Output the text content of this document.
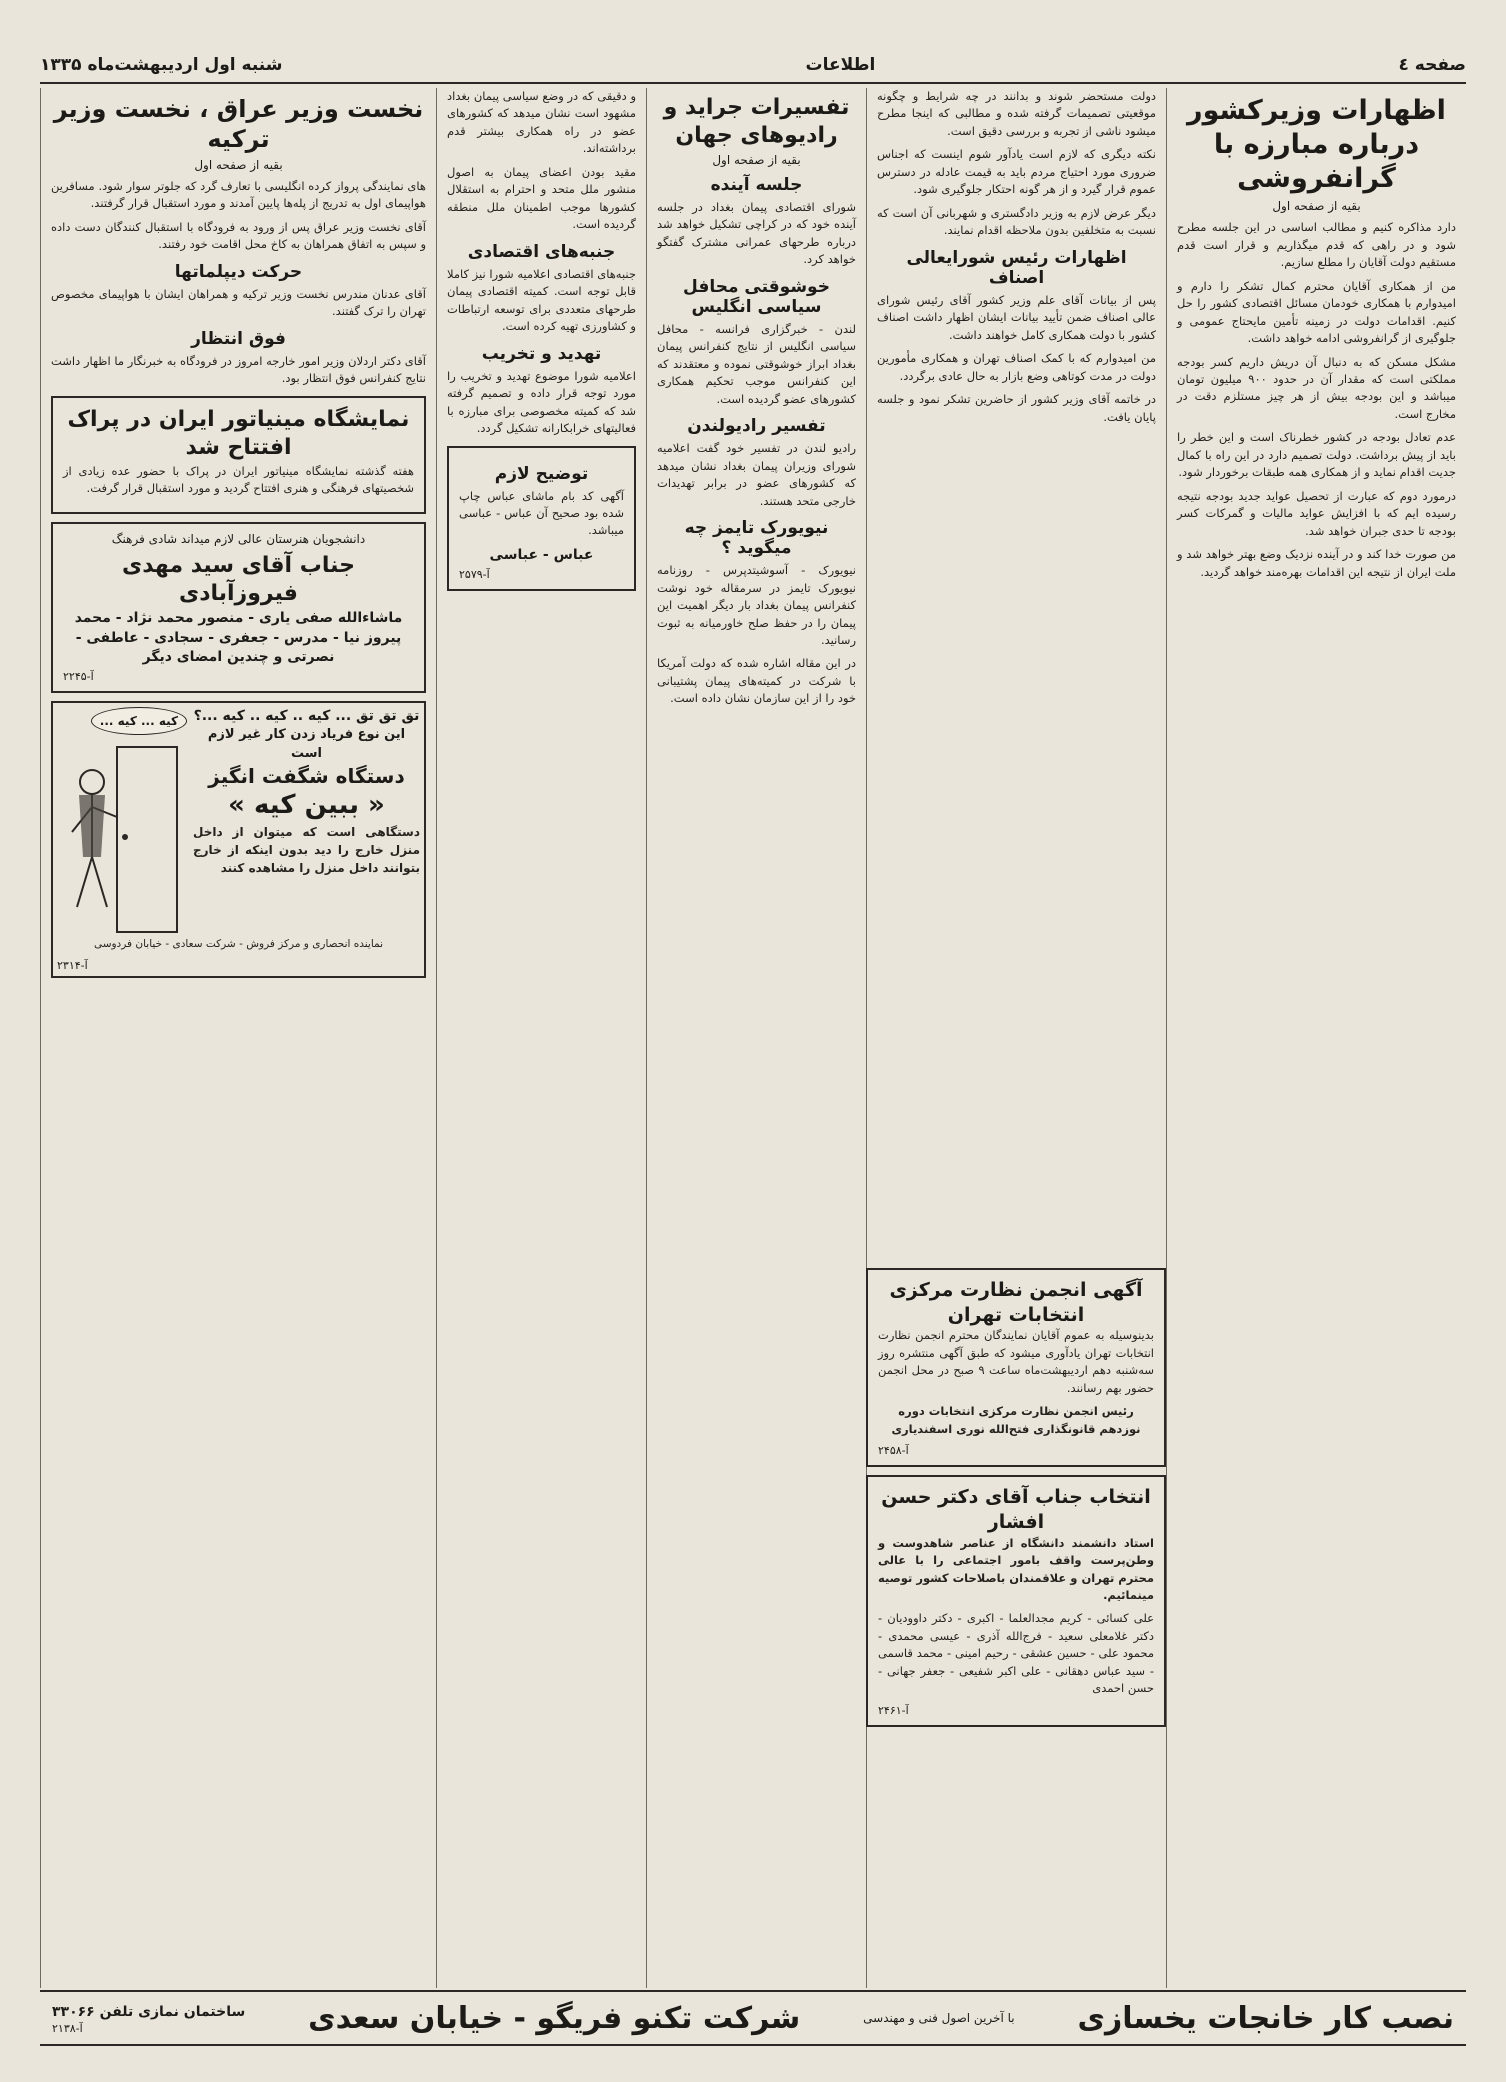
صفحه ٤
اطلاعات
شنبه اول اردیبهشت‌ماه ۱۳۳۵
اظهارات وزیرکشور درباره مبارزه با گرانفروشی
بقیه از صفحه اول

دارد مذاکره کنیم و مطالب اساسی در این جلسه مطرح شود و در راهی که قدم میگذاریم و قرار است قدم مستقیم دولت آقایان را مطلع سازیم.

من از همکاری آقایان محترم کمال تشکر را دارم و امیدوارم با همکاری خودمان مسائل اقتصادی کشور را حل کنیم. اقدامات دولت در زمینه تأمین مایحتاج عمومی و جلوگیری از گرانفروشی ادامه خواهد داشت.

مشکل مسکن که به دنبال آن دریش داریم کسر بودجه مملکتی است که مقدار آن در حدود ۹۰۰ میلیون تومان میباشد و این بودجه بیش از هر چیز مستلزم دقت در مخارج است.

عدم تعادل بودجه در کشور خطرناک است و این خطر را باید از پیش برداشت. دولت تصمیم دارد در این راه با کمال جدیت اقدام نماید و از همکاری همه طبقات برخوردار شود.

درمورد دوم که عبارت از تحصیل عواید جدید بودجه نتیجه رسیده ایم که با افزایش عواید مالیات و گمرکات کسر بودجه تا حدی جبران خواهد شد.

من صورت خدا کند و در آینده نزدیک وضع بهتر خواهد شد و ملت ایران از نتیجه این اقدامات بهره‌مند خواهد گردید.

دولت مستحضر شوند و بدانند در چه شرایط و چگونه موقعیتی تصمیمات گرفته شده و مطالبی که اینجا مطرح میشود ناشی از تجربه و بررسی دقیق است.

نکته دیگری که لازم است یادآور شوم اینست که اجناس ضروری مورد احتیاج مردم باید به قیمت عادله در دسترس عموم قرار گیرد و از هر گونه احتکار جلوگیری شود.

دیگر عرض لازم به وزیر دادگستری و شهربانی آن است که نسبت به متخلفین بدون ملاحظه اقدام نمایند.

اظهارات رئیس شورایعالی اصناف

پس از بیانات آقای علم وزیر کشور آقای رئیس شورای عالی اصناف ضمن تأیید بیانات ایشان اظهار داشت اصناف کشور با دولت همکاری کامل خواهند داشت.

من امیدوارم که با کمک اصناف تهران و همکاری مأمورین دولت در مدت کوتاهی وضع بازار به حال عادی برگردد.

در خاتمه آقای وزیر کشور از حاضرین تشکر نمود و جلسه پایان یافت.

آگهی انجمن نظارت مرکزی انتخابات تهران

بدینوسیله به عموم آقایان نمایندگان محترم انجمن نظارت انتخابات تهران یادآوری میشود که طبق آگهی منتشره روز سه‌شنبه دهم اردیبهشت‌ماه ساعت ۹ صبح در محل انجمن حضور بهم رسانند.

رئیس انجمن نظارت مرکزی انتخابات دوره نوزدهم قانونگذاری فتح‌الله نوری اسفندیاری

آ-۲۴۵۸
انتخاب جناب آقای دکتر حسن افشار

استاد دانشمند دانشگاه از عناصر شاهدوست و وطن‌پرست واقف بامور اجتماعی را با عالی محترم تهران و علاقمندان باصلاحات کشور توصیه مینمائیم.

علی کسائی - کریم مجدالعلما - اکبری - دکتر داوودیان - دکتر غلامعلی سعید - فرج‌الله آذری - عیسی محمدی - محمود علی - حسین عشقی - رحیم امینی - محمد قاسمی - سید عباس دهقانی - علی اکبر شفیعی - جعفر جهانی - حسن احمدی

آ-۲۴۶۱
تفسیرات جراید و رادیوهای جهان
بقیه از صفحه اول
جلسه آینده

شورای اقتصادی پیمان بغداد در جلسه آینده خود که در کراچی تشکیل خواهد شد درباره طرحهای عمرانی مشترک گفتگو خواهد کرد.

خوشوقتی محافل سیاسی انگلیس

لندن - خبرگزاری فرانسه - محافل سیاسی انگلیس از نتایج کنفرانس پیمان بغداد ابراز خوشوقتی نموده و معتقدند که این کنفرانس موجب تحکیم همکاری کشورهای عضو گردیده است.

تفسیر رادیولندن

رادیو لندن در تفسیر خود گفت اعلامیه شورای وزیران پیمان بغداد نشان میدهد که کشورهای عضو در برابر تهدیدات خارجی متحد هستند.

نیویورک تایمز چه میگوید ؟

نیویورک - آسوشیتدپرس - روزنامه نیویورک تایمز در سرمقاله خود نوشت کنفرانس پیمان بغداد بار دیگر اهمیت این پیمان را در حفظ صلح خاورمیانه به ثبوت رسانید.

در این مقاله اشاره شده که دولت آمریکا با شرکت در کمیته‌های پیمان پشتیبانی خود را از این سازمان نشان داده است.

و دقیقی که در وضع سیاسی پیمان بغداد مشهود است نشان میدهد که کشورهای عضو در راه همکاری بیشتر قدم برداشته‌اند.

مقید بودن اعضای پیمان به اصول منشور ملل متحد و احترام به استقلال کشورها موجب اطمینان ملل منطقه گردیده است.

جنبه‌های اقتصادی

جنبه‌های اقتصادی اعلامیه شورا نیز کاملا قابل توجه است. کمیته اقتصادی پیمان طرحهای متعددی برای توسعه ارتباطات و کشاورزی تهیه کرده است.

تهدید و تخریب

اعلامیه شورا موضوع تهدید و تخریب را مورد توجه قرار داده و تصمیم گرفته شد که کمیته مخصوصی برای مبارزه با فعالیتهای خرابکارانه تشکیل گردد.

توضیح لازم

آگهی کد بام ماشای عباس چاپ شده بود صحیح آن عباس - عباسی میباشد.

عباس - عباسی
آ-۲۵۷۹
نخست وزیر عراق ، نخست وزیر ترکیه
بقیه از صفحه اول

های نمایندگی پرواز کرده انگلیسی با تعارف گرد که جلوتر سوار شود. مسافرین هواپیمای اول به تدریج از پله‌ها پایین آمدند و مورد استقبال قرار گرفتند.

آقای نخست وزیر عراق پس از ورود به فرودگاه با استقبال کنندگان دست داده و سپس به اتفاق همراهان به کاخ محل اقامت خود رفتند.

حرکت دیپلماتها

آقای عدنان مندرس نخست وزیر ترکیه و همراهان ایشان با هواپیمای مخصوص تهران را ترک گفتند.

فوق انتظار

آقای دکتر اردلان وزیر امور خارجه امروز در فرودگاه به خبرنگار ما اظهار داشت نتایج کنفرانس فوق انتظار بود.

نمایشگاه مینیاتور ایران در پراک افتتاح شد

هفته گذشته نمایشگاه مینیاتور ایران در پراک با حضور عده زیادی از شخصیتهای فرهنگی و هنری افتتاح گردید و مورد استقبال قرار گرفت.

دانشجویان هنرستان عالی لازم میداند شادی فرهنگ
جناب آقای سید مهدی فیروزآبادی
ماشاءالله صفی یاری - منصور محمد نژاد - محمد پیروز نیا - مدرس - جعفری - سجادی - عاطفی - نصرتی و چندین امضای دیگر
آ-۲۲۴۵
تق تق تق ... کیه .. کیه .. کیه ...؟
این نوع فریاد زدن کار غیر لازم است
دستگاه شگفت انگیز
« ببین کیه »

دستگاهی است که میتوان از داخل منزل خارج را دید بدون اینکه از خارج بتوانند داخل منزل را مشاهده کنند

کیه ... کیه ...

نماینده انحصاری و مرکز فروش - شرکت سعادی - خیابان فردوسی

آ-۲۳۱۴
نصب کار خانجات یخسازی
با آخرین اصول فنی و مهندسی
شرکت تکنو فریگو - خیابان سعدی
ساختمان نمازی تلفن ۳۳۰۶۶
آ-۲۱۳۸
